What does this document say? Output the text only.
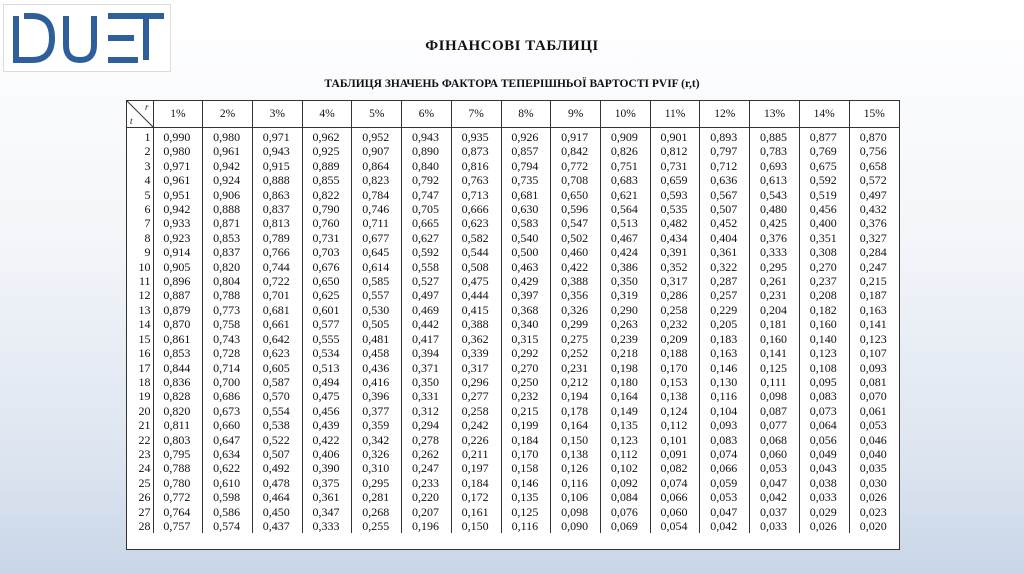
ФІНАНСОВІ ТАБЛИЦІ
ТАБЛИЦЯ ЗНАЧЕНЬ ФАКТОРА ТЕПЕРІШНЬОЇ ВАРТОСТІ PVIF (r,t)
r
t	1%	2%	3%	4%	5%	6%	7%	8%	9%	10%	11%	12%	13%	14%	15%
1	0,990	0,980	0,971	0,962	0,952	0,943	0,935	0,926	0,917	0,909	0,901	0,893	0,885	0,877	0,870
2	0,980	0,961	0,943	0,925	0,907	0,890	0,873	0,857	0,842	0,826	0,812	0,797	0,783	0,769	0,756
3	0,971	0,942	0,915	0,889	0,864	0,840	0,816	0,794	0,772	0,751	0,731	0,712	0,693	0,675	0,658
4	0,961	0,924	0,888	0,855	0,823	0,792	0,763	0,735	0,708	0,683	0,659	0,636	0,613	0,592	0,572
5	0,951	0,906	0,863	0,822	0,784	0,747	0,713	0,681	0,650	0,621	0,593	0,567	0,543	0,519	0,497
6	0,942	0,888	0,837	0,790	0,746	0,705	0,666	0,630	0,596	0,564	0,535	0,507	0,480	0,456	0,432
7	0,933	0,871	0,813	0,760	0,711	0,665	0,623	0,583	0,547	0,513	0,482	0,452	0,425	0,400	0,376
8	0,923	0,853	0,789	0,731	0,677	0,627	0,582	0,540	0,502	0,467	0,434	0,404	0,376	0,351	0,327
9	0,914	0,837	0,766	0,703	0,645	0,592	0,544	0,500	0,460	0,424	0,391	0,361	0,333	0,308	0,284
10	0,905	0,820	0,744	0,676	0,614	0,558	0,508	0,463	0,422	0,386	0,352	0,322	0,295	0,270	0,247
11	0,896	0,804	0,722	0,650	0,585	0,527	0,475	0,429	0,388	0,350	0,317	0,287	0,261	0,237	0,215
12	0,887	0,788	0,701	0,625	0,557	0,497	0,444	0,397	0,356	0,319	0,286	0,257	0,231	0,208	0,187
13	0,879	0,773	0,681	0,601	0,530	0,469	0,415	0,368	0,326	0,290	0,258	0,229	0,204	0,182	0,163
14	0,870	0,758	0,661	0,577	0,505	0,442	0,388	0,340	0,299	0,263	0,232	0,205	0,181	0,160	0,141
15	0,861	0,743	0,642	0,555	0,481	0,417	0,362	0,315	0,275	0,239	0,209	0,183	0,160	0,140	0,123
16	0,853	0,728	0,623	0,534	0,458	0,394	0,339	0,292	0,252	0,218	0,188	0,163	0,141	0,123	0,107
17	0,844	0,714	0,605	0,513	0,436	0,371	0,317	0,270	0,231	0,198	0,170	0,146	0,125	0,108	0,093
18	0,836	0,700	0,587	0,494	0,416	0,350	0,296	0,250	0,212	0,180	0,153	0,130	0,111	0,095	0,081
19	0,828	0,686	0,570	0,475	0,396	0,331	0,277	0,232	0,194	0,164	0,138	0,116	0,098	0,083	0,070
20	0,820	0,673	0,554	0,456	0,377	0,312	0,258	0,215	0,178	0,149	0,124	0,104	0,087	0,073	0,061
21	0,811	0,660	0,538	0,439	0,359	0,294	0,242	0,199	0,164	0,135	0,112	0,093	0,077	0,064	0,053
22	0,803	0,647	0,522	0,422	0,342	0,278	0,226	0,184	0,150	0,123	0,101	0,083	0,068	0,056	0,046
23	0,795	0,634	0,507	0,406	0,326	0,262	0,211	0,170	0,138	0,112	0,091	0,074	0,060	0,049	0,040
24	0,788	0,622	0,492	0,390	0,310	0,247	0,197	0,158	0,126	0,102	0,082	0,066	0,053	0,043	0,035
25	0,780	0,610	0,478	0,375	0,295	0,233	0,184	0,146	0,116	0,092	0,074	0,059	0,047	0,038	0,030
26	0,772	0,598	0,464	0,361	0,281	0,220	0,172	0,135	0,106	0,084	0,066	0,053	0,042	0,033	0,026
27	0,764	0,586	0,450	0,347	0,268	0,207	0,161	0,125	0,098	0,076	0,060	0,047	0,037	0,029	0,023
28	0,757	0,574	0,437	0,333	0,255	0,196	0,150	0,116	0,090	0,069	0,054	0,042	0,033	0,026	0,020
